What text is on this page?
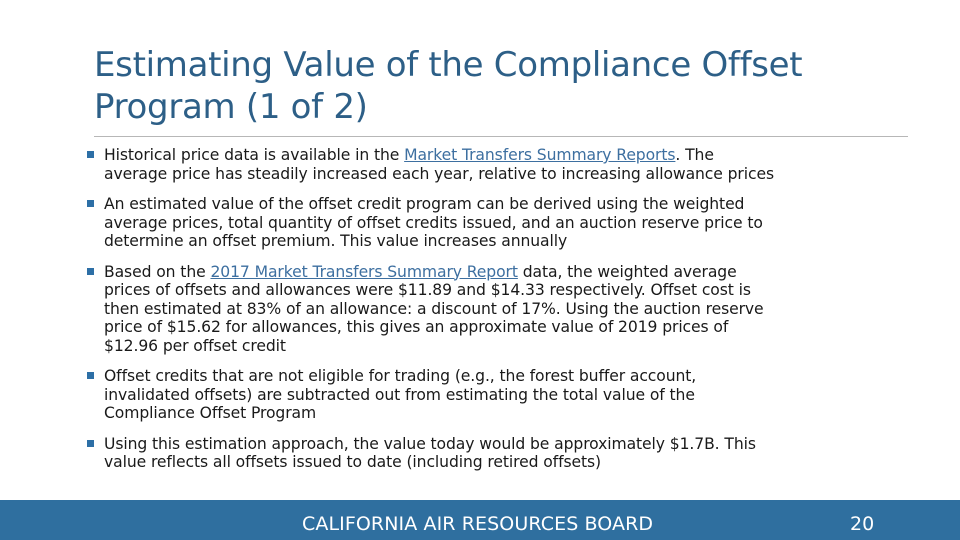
Estimating Value of the Compliance Offset
Program (1 of 2)
Historical price data is available in the Market Transfers Summary Reports. The
average price has steadily increased each year, relative to increasing allowance prices
An estimated value of the offset credit program can be derived using the weighted
average prices, total quantity of offset credits issued, and an auction reserve price to
determine an offset premium. This value increases annually
Based on the 2017 Market Transfers Summary Report data, the weighted average
prices of offsets and allowances were $11.89 and $14.33 respectively. Offset cost is
then estimated at 83% of an allowance: a discount of 17%. Using the auction reserve
price of $15.62 for allowances, this gives an approximate value of 2019 prices of
$12.96 per offset credit
Offset credits that are not eligible for trading (e.g., the forest buffer account,
invalidated offsets) are subtracted out from estimating the total value of the
Compliance Offset Program
Using this estimation approach, the value today would be approximately $1.7B. This
value reflects all offsets issued to date (including retired offsets)
CALIFORNIA AIR RESOURCES BOARD	20
